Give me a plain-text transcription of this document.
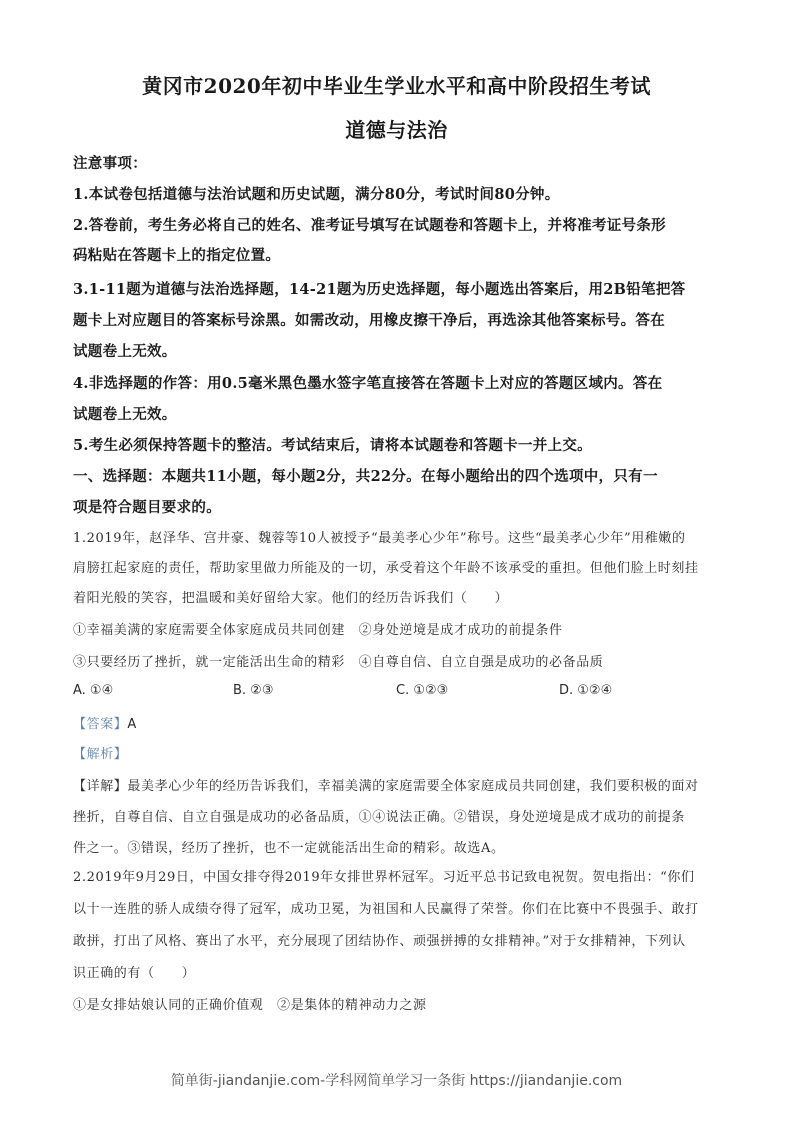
黄冈市2020年初中毕业生学业水平和高中阶段招生考试
道德与法治
注意事项：
1.本试卷包括道德与法治试题和历史试题，满分80分，考试时间80分钟。
2.答卷前，考生务必将自己的姓名、准考证号填写在试题卷和答题卡上，并将准考证号条形
码粘贴在答题卡上的指定位置。
3.1-11题为道德与法治选择题，14-21题为历史选择题，每小题选出答案后，用2B铅笔把答
题卡上对应题目的答案标号涂黑。如需改动，用橡皮擦干净后，再选涂其他答案标号。答在
试题卷上无效。
4.非选择题的作答：用0.5毫米黑色墨水签字笔直接答在答题卡上对应的答题区域内。答在
试题卷上无效。
5.考生必须保持答题卡的整洁。考试结束后，请将本试题卷和答题卡一并上交。
一、选择题：本题共11小题，每小题2分，共22分。在每小题给出的四个选项中，只有一
项是符合题目要求的。
1.2019年，赵泽华、宫井豪、魏蓉等10人被授予“最美孝心少年”称号。这些“最美孝心少年”用稚嫩的
肩膀扛起家庭的责任，帮助家里做力所能及的一切，承受着这个年龄不该承受的重担。但他们脸上时刻挂
着阳光般的笑容，把温暖和美好留给大家。他们的经历告诉我们（　　）
①幸福美满的家庭需要全体家庭成员共同创建　②身处逆境是成才成功的前提条件
③只要经历了挫折，就一定能活出生命的精彩　④自尊自信、自立自强是成功的必备品质
A. ①④	B. ②③	C. ①②③	D. ①②④
【答案】A
【解析】
【详解】最美孝心少年的经历告诉我们，幸福美满的家庭需要全体家庭成员共同创建，我们要积极的面对
挫折，自尊自信、自立自强是成功的必备品质，①④说法正确。②错误，身处逆境是成才成功的前提条
件之一。③错误，经历了挫折，也不一定就能活出生命的精彩。故选A。
2.2019年9月29日，中国女排夺得2019年女排世界杯冠军。习近平总书记致电祝贺。贺电指出：“你们
以十一连胜的骄人成绩夺得了冠军，成功卫冕，为祖国和人民赢得了荣誉。你们在比赛中不畏强手、敢打
敢拼，打出了风格、赛出了水平，充分展现了团结协作、顽强拼搏的女排精神。”对于女排精神，下列认
识正确的有（　　）
①是女排姑娘认同的正确价值观　②是集体的精神动力之源
简单街-jiandanjie.com-学科网简单学习一条街 https://jiandanjie.com
